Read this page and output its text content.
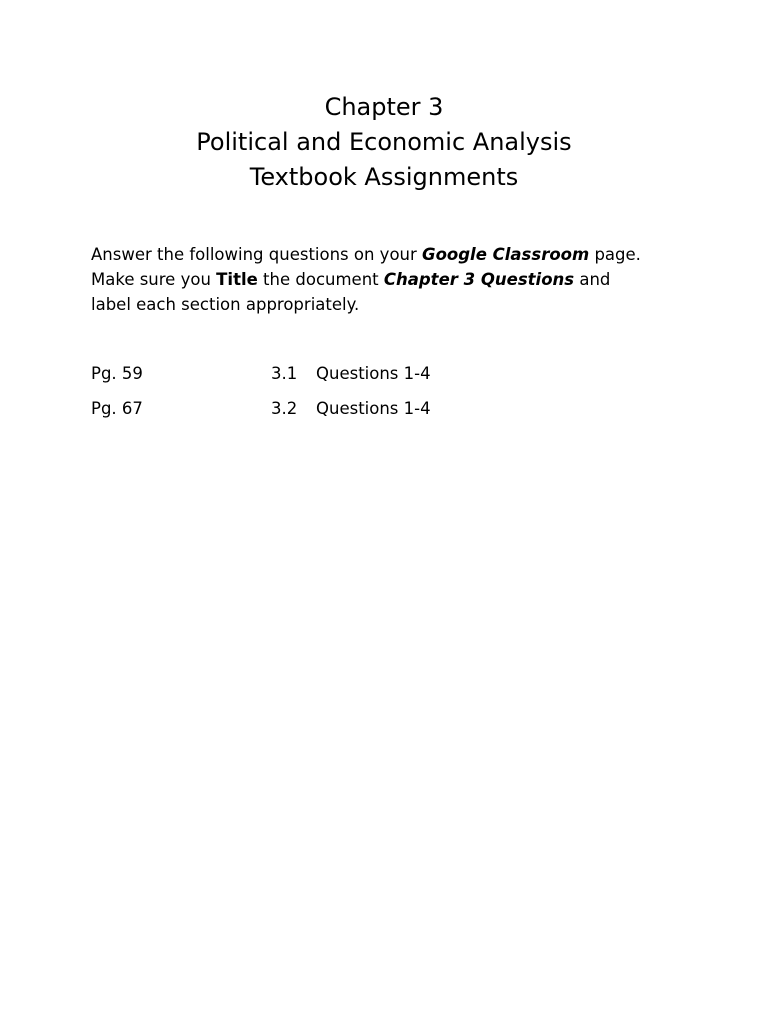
Chapter 3
Political and Economic Analysis
Textbook Assignments
Answer the following questions on your Google Classroom page.
Make sure you Title the document Chapter 3 Questions and
label each section appropriately.
Pg. 59	3.1 Questions 1-4
Pg. 67	3.2 Questions 1-4
